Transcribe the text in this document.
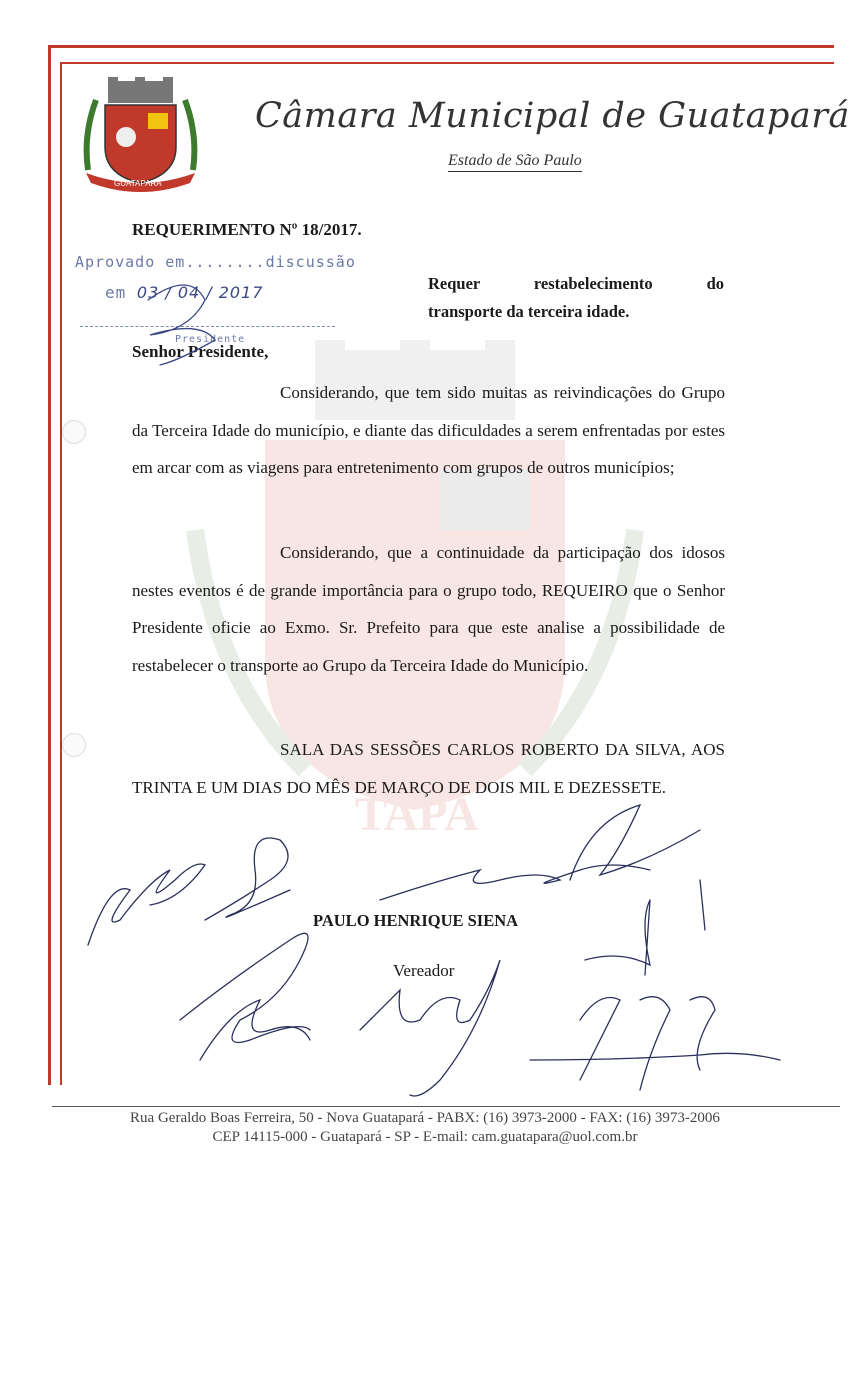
TAPA
GUATAPARÁ
Câmara Municipal de Guatapará
Estado de São Paulo
REQUERIMENTO Nº 18/2017.
Aprovado em........discussão
em 03 / 04 / 2017
Presidente
Requer restabelecimento do
transporte da terceira idade.
Senhor Presidente,
Considerando, que tem sido muitas as reivindicações do Grupo da Terceira Idade do município, e diante das dificuldades a serem enfrentadas por estes em arcar com as viagens para entretenimento com grupos de outros municípios;
Considerando, que a continuidade da participação dos idosos nestes eventos é de grande importância para o grupo todo, REQUEIRO que o Senhor Presidente oficie ao Exmo. Sr. Prefeito para que este analise a possibilidade de restabelecer o transporte ao Grupo da Terceira Idade do Município.
SALA DAS SESSÕES CARLOS ROBERTO DA SILVA, AOS TRINTA E UM DIAS DO MÊS DE MARÇO DE DOIS MIL E DEZESSETE.
PAULO HENRIQUE SIENA
Vereador
Rua Geraldo Boas Ferreira, 50 - Nova Guatapará - PABX: (16) 3973-2000 - FAX: (16) 3973-2006
CEP 14115-000 - Guatapará - SP - E-mail: cam.guatapara@uol.com.br
